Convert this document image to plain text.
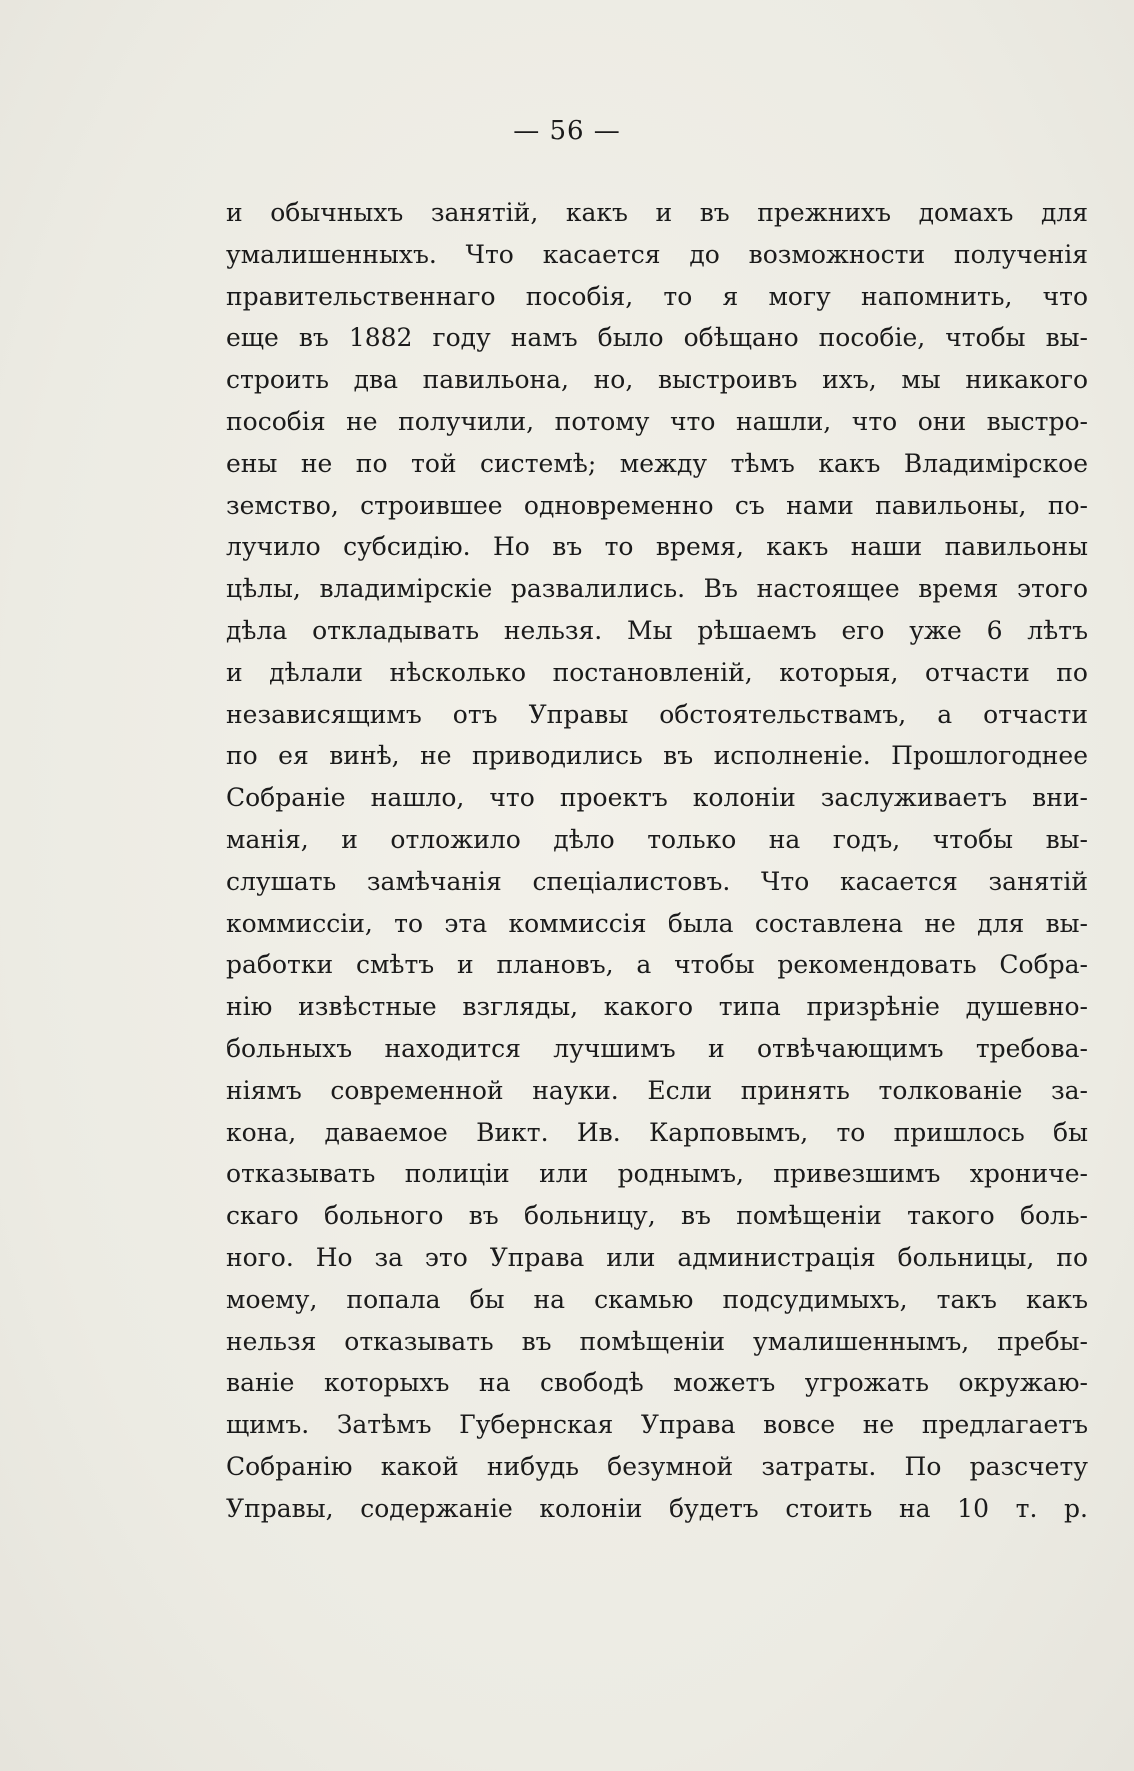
— 56 —
и обычныхъ занятій, какъ и въ прежнихъ домахъ для
умалишенныхъ. Что касается до возможности полученія
правительственнаго пособія, то я могу напомнить, что
еще въ 1882 году намъ было обѣщано пособіе, чтобы вы-
строить два павильона, но, выстроивъ ихъ, мы никакого
пособія не получили, потому что нашли, что они выстро-
ены не по той системѣ; между тѣмъ какъ Владимірское
земство, строившее одновременно съ нами павильоны, по-
лучило субсидію. Но въ то время, какъ наши павильоны
цѣлы, владимірскіе развалились. Въ настоящее время этого
дѣла откладывать нельзя. Мы рѣшаемъ его уже 6 лѣтъ
и дѣлали нѣсколько постановленій, которыя, отчасти по
независящимъ отъ Управы обстоятельствамъ, а отчасти
по ея винѣ, не приводились въ исполненіе. Прошлогоднее
Собраніе нашло, что проектъ колоніи заслуживаетъ вни-
манія, и отложило дѣло только на годъ, чтобы вы-
слушать замѣчанія спеціалистовъ. Что касается занятій
коммиссіи, то эта коммиссія была составлена не для вы-
работки смѣтъ и плановъ, а чтобы рекомендовать Собра-
нію извѣстные взгляды, какого типа призрѣніе душевно-
больныхъ находится лучшимъ и отвѣчающимъ требова-
ніямъ современной науки. Если принять толкованіе за-
кона, даваемое Викт. Ив. Карповымъ, то пришлось бы
отказывать полиціи или роднымъ, привезшимъ хрониче-
скаго больного въ больницу, въ помѣщеніи такого боль-
ного. Но за это Управа или администрація больницы, по
моему, попала бы на скамью подсудимыхъ, такъ какъ
нельзя отказывать въ помѣщеніи умалишеннымъ, пребы-
ваніе которыхъ на свободѣ можетъ угрожать окружаю-
щимъ. Затѣмъ Губернская Управа вовсе не предлагаетъ
Собранію какой нибудь безумной затраты. По разсчету
Управы, содержаніе колоніи будетъ стоить на 10 т. р.
